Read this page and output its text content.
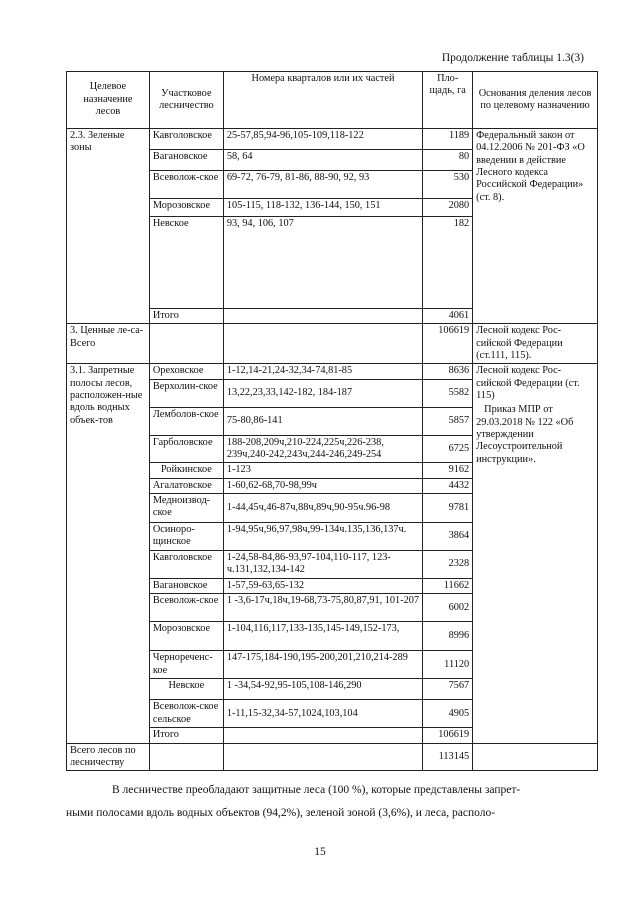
Продолжение таблицы 1.3(3)
Целевое назначение лесов	Участковое лесничество	Номера кварталов или их частей	Пло-щадь, га	Основания деления лесов по целевому назначению
2.3. Зеленые зоны	Кавголовское	25-57,85,94-96,105-109,118-122	1189	Федеральный закон от 04.12.2006 № 201-ФЗ «О введении в действие Лесного кодекса Российской Федерации» (ст. 8).
	Вагановское	58, 64	80	
	Всеволож-ское	69-72, 76-79, 81-86, 88-90, 92, 93	530	
	Морозовское	105-115, 118-132, 136-144, 150, 151	2080	
	Невское	93, 94, 106, 107	182	
	Итого		4061	
3. Ценные ле-са-Всего			106619	Лесной кодекс Рос-сийской Федерации (ст.111, 115).
3.1. Запретные полосы лесов, расположен-ные вдоль водных объек-тов	Ореховское	1-12,14-21,24-32,34-74,81-85	8636	Лесной кодекс Рос-сийской Федерации (ст. 115)
Приказ МПР от 29.03.2018 № 122 «Об утверждении Лесоустроительной инструкции».

	Верхолин-ское	13,22,23,33,142-182, 184-187	5582	
	Лемболов-ское	75-80,86-141	5857	
	Гарболовское	188-208,209ч,210-224,225ч,226-238, 239ч,240-242,243ч,244-246,249-254	6725	
	Ройкинское	1-123	9162	
	Агалатовское	1-60,62-68,70-98,99ч	4432	
	Медноизвод-ское	1-44,45ч,46-87ч,88ч,89ч,90-95ч.96-98	9781	
	Осиноро-щинское	1-94,95ч,96,97,98ч,99-134ч.135,136,137ч.	3864	
	Кавголовское	1-24,58-84,86-93,97-104,110-117, 123-ч.131,132,134-142	2328	
	Вагановское	1-57,59-63,65-132	11662	
	Всеволож-ское	1 -3,6-17ч,18ч,19-68,73-75,80,87,91, 101-207	6002	
	Морозовское	1-104,116,117,133-135,145-149,152-173,	8996	
	Чернореченс-кое	147-175,184-190,195-200,201,210,214-289	11120	
	Невское	1 -34,54-92,95-105,108-146,290	7567	
	Всеволож-ское сельское	1-11,15-32,34-57,1024,103,104	4905	
	Итого		106619	
Всего лесов по лесничеству			113145	
В лесничестве преобладают защитные леса (100 %), которые представлены запрет-
ными полосами вдоль водных объектов (94,2%), зеленой зоной (3,6%), и леса, располо-
15
